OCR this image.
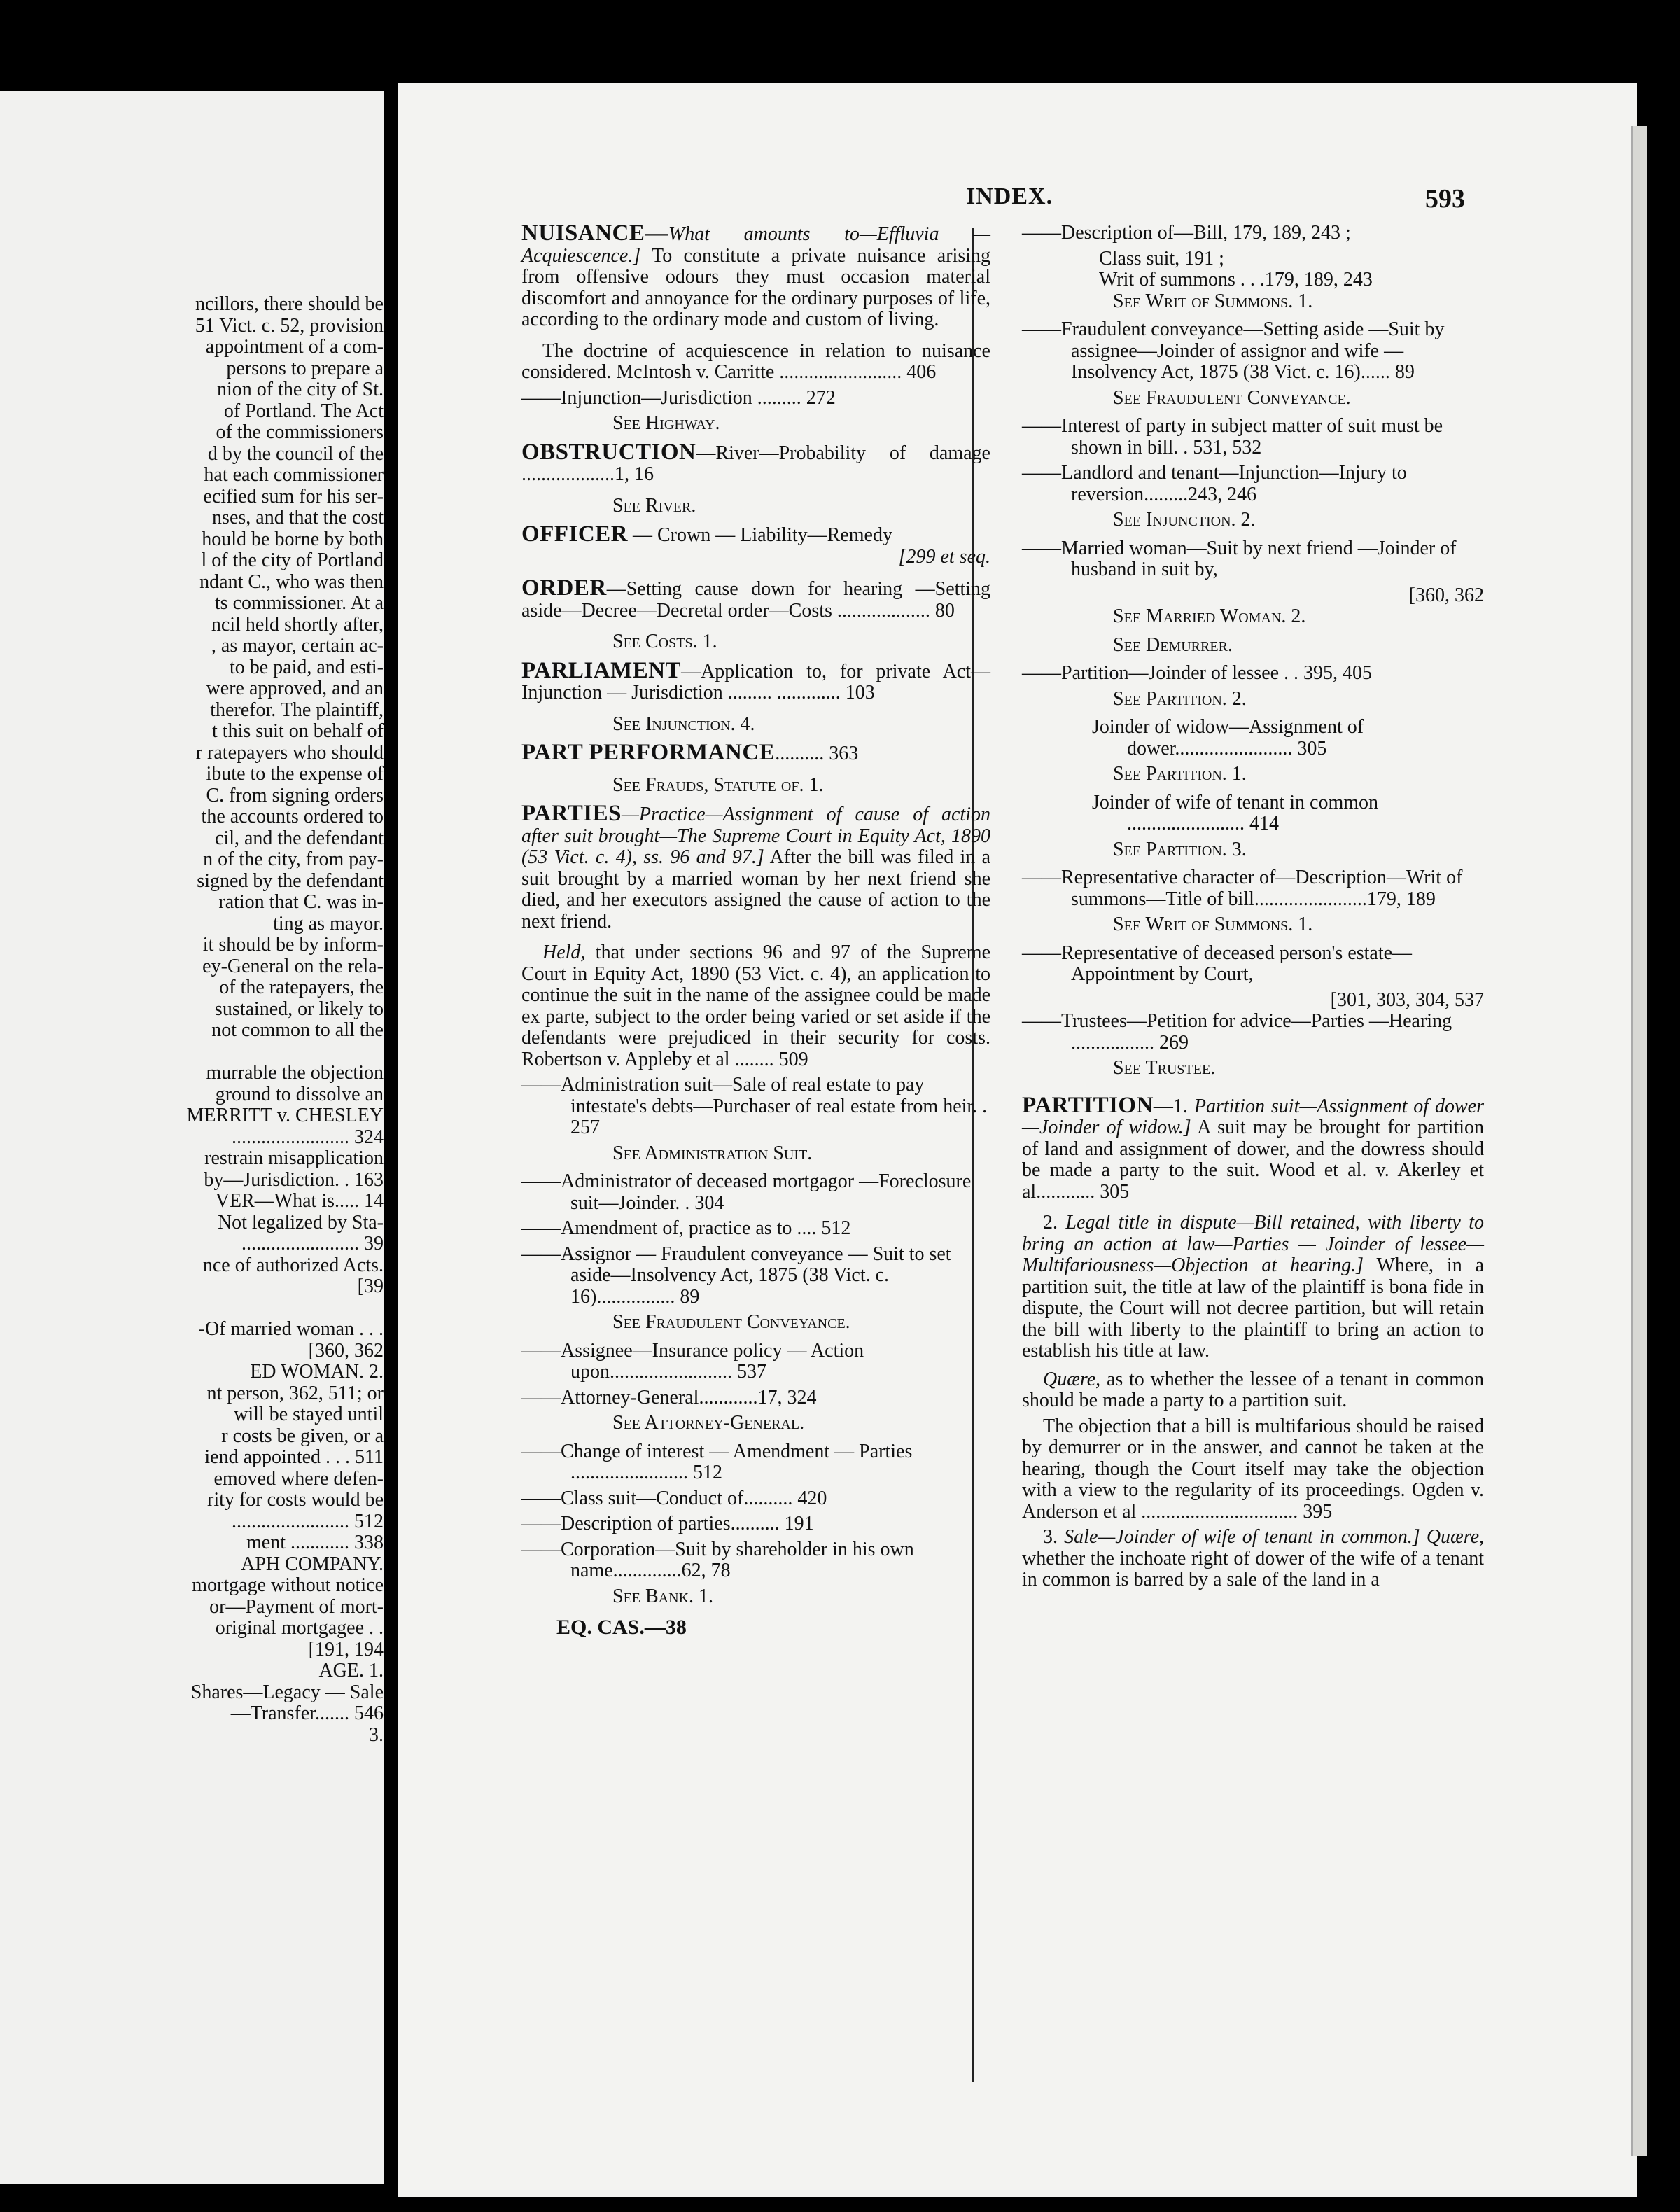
ncillors, there should be
51 Vict. c. 52, provision
appointment of a com-
persons to prepare a
nion of the city of St.
of Portland. The Act
of the commissioners
d by the council of the
hat each commissioner
ecified sum for his ser-
nses, and that the cost
hould be borne by both
l of the city of Portland
ndant C., who was then
ts commissioner. At a
ncil held shortly after,
, as mayor, certain ac-
to be paid, and esti-
were approved, and an
therefor. The plaintiff,
t this suit on behalf of
r ratepayers who should
ibute to the expense of
C. from signing orders
the accounts ordered to
cil, and the defendant
n of the city, from pay-
signed by the defendant
ration that C. was in-
ting as mayor.
it should be by inform-
ey-General on the rela-
of the ratepayers, the
sustained, or likely to
not common to all the

murrable the objection
ground to dissolve an
MERRITT v. CHESLEY
........................ 324
restrain misapplication
by—Jurisdiction. . 163
VER—What is..... 14
Not legalized by Sta-
........................ 39
nce of authorized Acts.
[39

-Of married woman . . .
[360, 362
ED WOMAN. 2.
nt person, 362, 511; or
will be stayed until
r costs be given, or a
iend appointed . . . 511
emoved where defen-
rity for costs would be
........................ 512
ment ............ 338
APH COMPANY.
mortgage without notice
or—Payment of mort-
original mortgagee . .
[191, 194
AGE. 1.
Shares—Legacy — Sale
—Transfer....... 546
3.
INDEX.	593
NUISANCE—What amounts to—Effluvia —Acquiescence.] To constitute a private nuisance arising from offensive odours they must occasion material discomfort and annoyance for the ordinary purposes of life, according to the ordinary mode and custom of living.
The doctrine of acquiescence in relation to nuisance considered. McIntosh v. Carritte ......................... 406
——Injunction—Jurisdiction ......... 272
See Highway.
OBSTRUCTION—River—Probability of damage ...................1, 16
See River.
OFFICER — Crown — Liability—Remedy
[299 et seq.
ORDER—Setting cause down for hearing —Setting aside—Decree—Decretal order—Costs ................... 80
See Costs. 1.
PARLIAMENT—Application to, for private Act—Injunction — Jurisdiction ......... ............. 103
See Injunction. 4.
PART PERFORMANCE.......... 363
See Frauds, Statute of. 1.
PARTIES—Practice—Assignment of cause of action after suit brought—The Supreme Court in Equity Act, 1890 (53 Vict. c. 4), ss. 96 and 97.] After the bill was filed in a suit brought by a married woman by her next friend she died, and her executors assigned the cause of action to the next friend.
Held, that under sections 96 and 97 of the Supreme Court in Equity Act, 1890 (53 Vict. c. 4), an application to continue the suit in the name of the assignee could be made ex parte, subject to the order being varied or set aside if the defendants were prejudiced in their security for costs. Robertson v. Appleby et al ........ 509
——Administration suit—Sale of real estate to pay intestate's debts—Purchaser of real estate from heir. . 257
See Administration Suit.
——Administrator of deceased mortgagor —Foreclosure suit—Joinder. . 304
——Amendment of, practice as to .... 512
——Assignor — Fraudulent conveyance — Suit to set aside—Insolvency Act, 1875 (38 Vict. c. 16)................ 89
See Fraudulent Conveyance.
——Assignee—Insurance policy — Action upon......................... 537
——Attorney-General............17, 324
See Attorney-General.
——Change of interest — Amendment — Parties ........................ 512
——Class suit—Conduct of.......... 420
——Description of parties.......... 191
——Corporation—Suit by shareholder in his own name..............62, 78
See Bank. 1.
EQ. CAS.—38
——Description of—Bill, 179, 189, 243 ;
Class suit, 191 ;
Writ of summons . . .179, 189, 243
See Writ of Summons. 1.
——Fraudulent conveyance—Setting aside —Suit by assignee—Joinder of assignor and wife — Insolvency Act, 1875 (38 Vict. c. 16)...... 89
See Fraudulent Conveyance.
——Interest of party in subject matter of suit must be shown in bill. . 531, 532
——Landlord and tenant—Injunction—Injury to reversion.........243, 246
See Injunction. 2.
——Married woman—Suit by next friend —Joinder of husband in suit by,
[360, 362
See Married Woman. 2.
See Demurrer.
——Partition—Joinder of lessee . . 395, 405
See Partition. 2.
Joinder of widow—Assignment of dower........................ 305
See Partition. 1.
Joinder of wife of tenant in common ........................ 414
See Partition. 3.
——Representative character of—Description—Writ of summons—Title of bill.......................179, 189
See Writ of Summons. 1.
——Representative of deceased person's estate—Appointment by Court,
[301, 303, 304, 537
——Trustees—Petition for advice—Parties —Hearing ................. 269
See Trustee.
PARTITION—1. Partition suit—Assignment of dower—Joinder of widow.] A suit may be brought for partition of land and assignment of dower, and the dowress should be made a party to the suit. Wood et al. v. Akerley et al............ 305
2. Legal title in dispute—Bill retained, with liberty to bring an action at law—Parties — Joinder of lessee—Multifariousness—Objection at hearing.] Where, in a partition suit, the title at law of the plaintiff is bona fide in dispute, the Court will not decree partition, but will retain the bill with liberty to the plaintiff to bring an action to establish his title at law.
Quære, as to whether the lessee of a tenant in common should be made a party to a partition suit.
The objection that a bill is multifarious should be raised by demurrer or in the answer, and cannot be taken at the hearing, though the Court itself may take the objection with a view to the regularity of its proceedings. Ogden v. Anderson et al ................................ 395
3. Sale—Joinder of wife of tenant in common.] Quære, whether the inchoate right of dower of the wife of a tenant in common is barred by a sale of the land in a
